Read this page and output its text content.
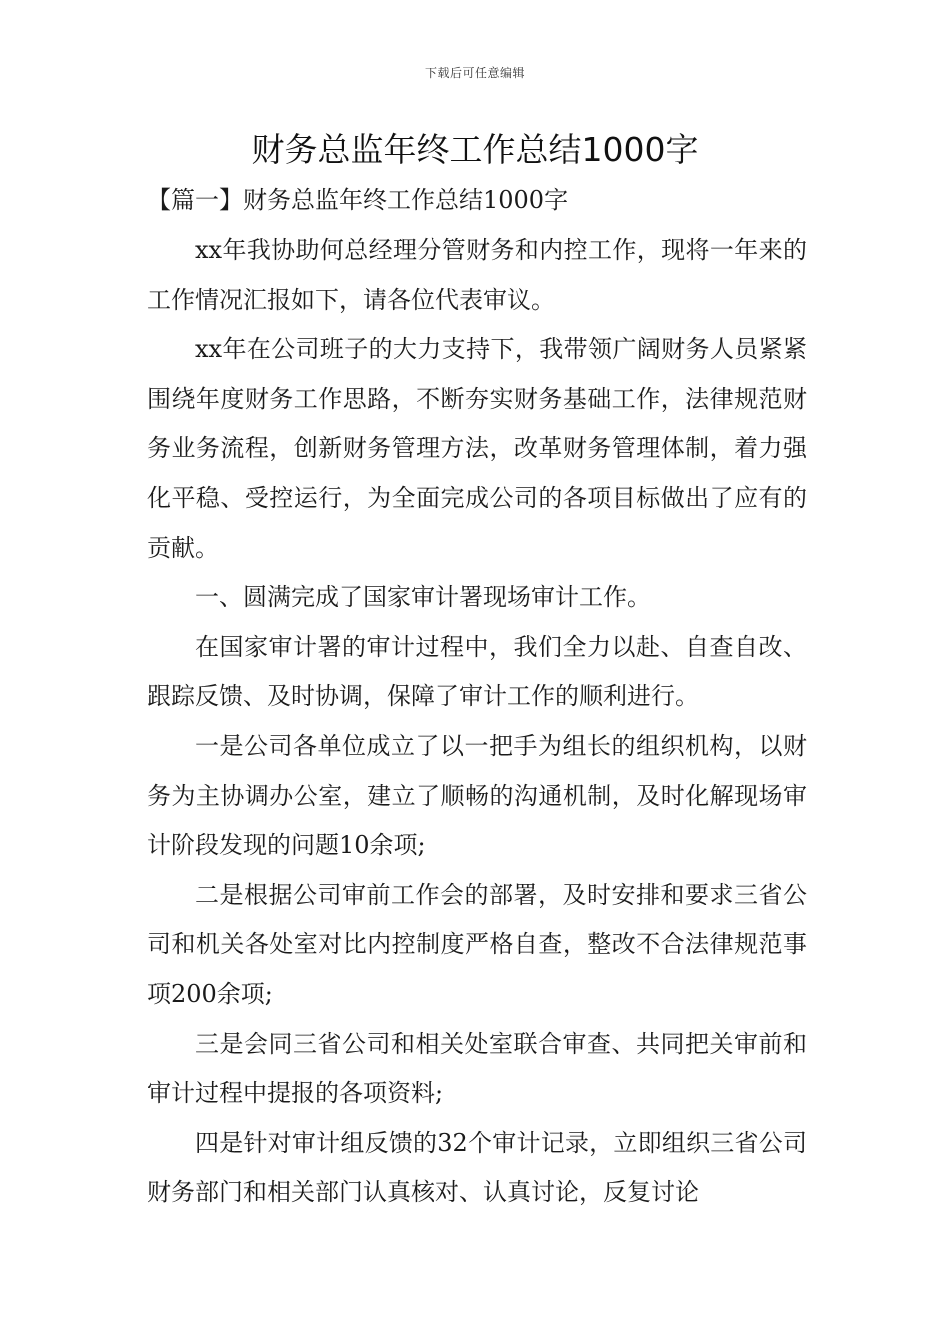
下载后可任意编辑
财务总监年终工作总结1000字
【篇一】财务总监年终工作总结1000字

xx年我协助何总经理分管财务和内控工作，现将一年来的工作情况汇报如下，请各位代表审议。

xx年在公司班子的大力支持下，我带领广阔财务人员紧紧围绕年度财务工作思路，不断夯实财务基础工作，法律规范财务业务流程，创新财务管理方法，改革财务管理体制，着力强化平稳、受控运行，为全面完成公司的各项目标做出了应有的贡献。

一、圆满完成了国家审计署现场审计工作。

在国家审计署的审计过程中，我们全力以赴、自查自改、跟踪反馈、及时协调，保障了审计工作的顺利进行。

一是公司各单位成立了以一把手为组长的组织机构，以财务为主协调办公室，建立了顺畅的沟通机制，及时化解现场审计阶段发现的问题10余项;

二是根据公司审前工作会的部署，及时安排和要求三省公司和机关各处室对比内控制度严格自查，整改不合法律规范事项200余项;

三是会同三省公司和相关处室联合审查、共同把关审前和审计过程中提报的各项资料;

四是针对审计组反馈的32个审计记录，立即组织三省公司财务部门和相关部门认真核对、认真讨论，反复讨论
